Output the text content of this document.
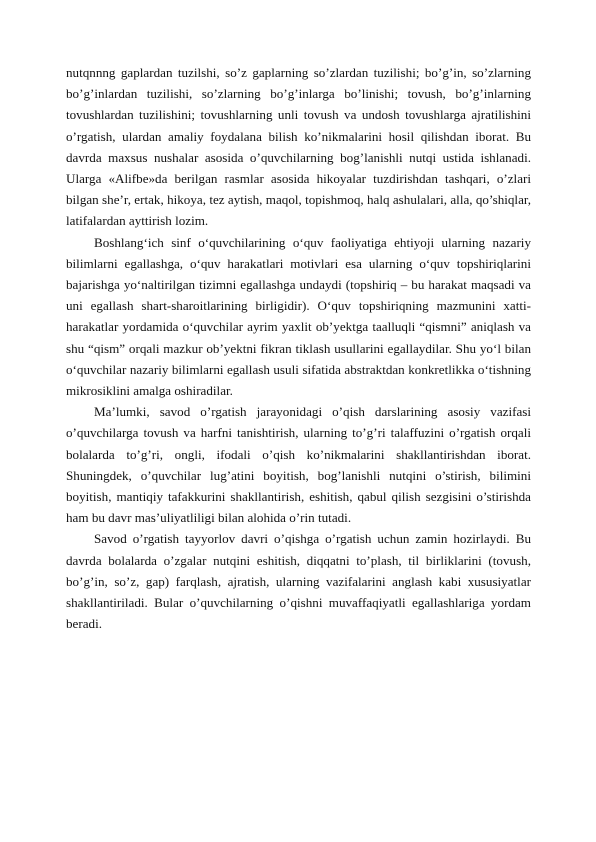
nutqnnng gaplardan tuzilshi, so’z gaplarning so’zlardan tuzilishi; bo’g’in, so’zlarning bo’g’inlardan tuzilishi, so’zlarning bo’g’inlarga bo’linishi; tovush, bo’g’inlarning tovushlardan tuzilishini; tovushlarning unli tovush va undosh tovushlarga ajratilishini o’rgatish, ulardan amaliy foydalana bilish ko’nikmalarini hosil qilishdan iborat. Bu davrda maxsus nushalar asosida o’quvchilarning bog’lanishli nutqi ustida ishlanadi. Ularga «Alifbe»da berilgan rasmlar asosida hikoyalar tuzdirishdan tashqari, o’zlari bilgan she’r, ertak, hikoya, tez aytish, maqol, topishmoq, halq ashulalari, alla, qo’shiqlar, latifalardan ayttirish lozim.

Boshlang‘ich sinf o‘quvchilarining o‘quv faoliyatiga ehtiyoji ularning nazariy bilimlarni egallashga, o‘quv harakatlari motivlari esa ularning o‘quv topshiriqlarini bajarishga yo‘naltirilgan tizimni egallashga undaydi (topshiriq – bu harakat maqsadi va uni egallash shart-sharoitlarining birligidir). O‘quv topshiriqning mazmunini xatti- harakatlar yordamida o‘quvchilar ayrim yaxlit ob’yektga taalluqli “qismni” aniqlash va shu “qism” orqali mazkur ob’yektni fikran tiklash usullarini egallaydilar. Shu yo‘l bilan o‘quvchilar nazariy bilimlarni egallash usuli sifatida abstraktdan konkretlikka o‘tishning mikrosiklini amalga oshiradilar.

Ma’lumki, savod o’rgatish jarayonidagi o’qish darslarining asosiy vazifasi o’quvchilarga tovush va harfni tanishtirish, ularning to’g’ri talaffuzini o’rgatish orqali bolalarda to’g’ri, ongli, ifodali o’qish ko’nikmalarini shakllantirishdan iborat. Shuningdek, o’quvchilar lug’atini boyitish, bog’lanishli nutqini o’stirish, bilimini boyitish, mantiqiy tafakkurini shakllantirish, eshitish, qabul qilish sezgisini o’stirishda ham bu davr mas’uliyatliligi bilan alohida o’rin tutadi.

Savod o’rgatish tayyorlov davri o’qishga o’rgatish uchun zamin hozirlaydi. Bu davrda bolalarda o’zgalar nutqini eshitish, diqqatni to’plash, til birliklarini (tovush, bo’g’in, so’z, gap) farqlash, ajratish, ularning vazifalarini anglash kabi xususiyatlar shakllantiriladi. Bular o’quvchilarning o’qishni muvaffaqiyatli egallashlariga yordam beradi.
